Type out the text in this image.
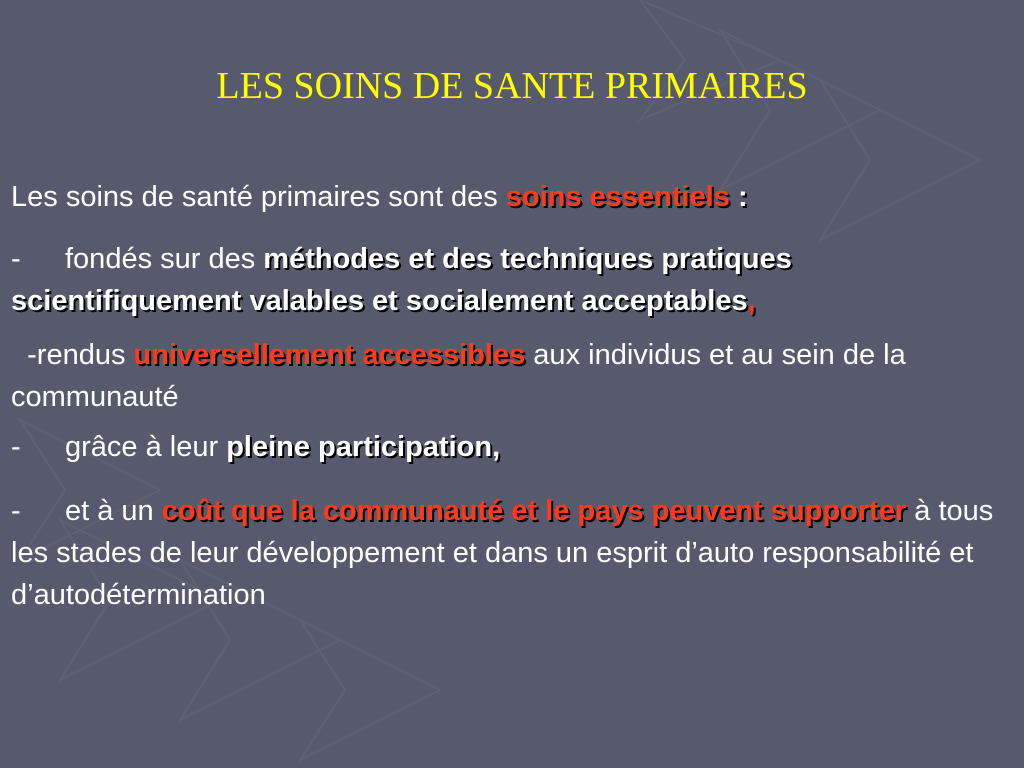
LES SOINS DE SANTE PRIMAIRES

Les soins de santé primaires sont des soins essentiels :

- fondés sur des méthodes et des techniques pratiques scientifiquement valables et socialement acceptables,

-rendus universellement accessibles aux individus et au sein de la communauté

- grâce à leur pleine participation,

- et à un coût que la communauté et le pays peuvent supporter à tous les stades de leur développement et dans un esprit d’auto responsabilité et d’autodétermination
